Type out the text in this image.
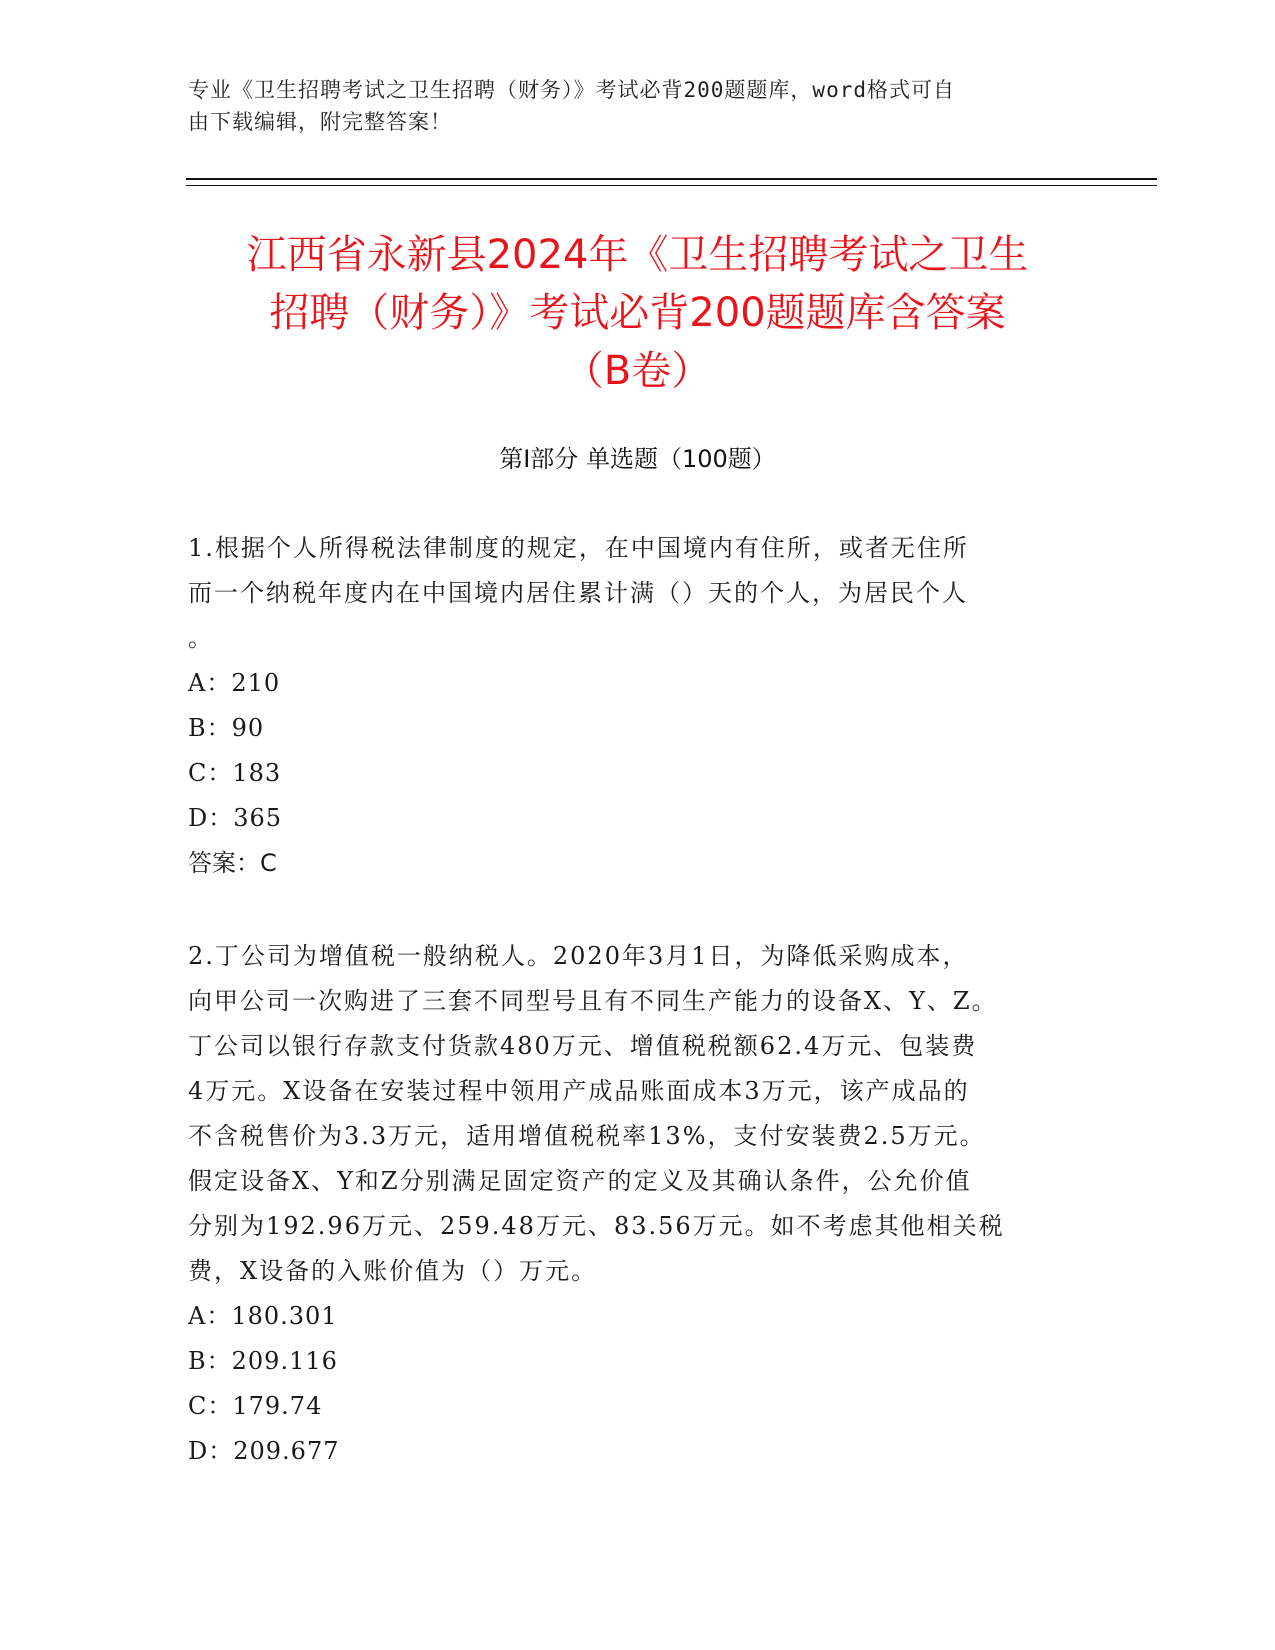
专业《卫生招聘考试之卫生招聘（财务）》考试必背200题题库，word格式可自
由下载编辑，附完整答案！
江西省永新县2024年《卫生招聘考试之卫生
招聘（财务）》考试必背200题题库含答案
（B卷）
第Ⅰ部分 单选题（100题）
1.根据个人所得税法律制度的规定，在中国境内有住所，或者无住所
而一个纳税年度内在中国境内居住累计满（）天的个人，为居民个人
。
A：210
B：90
C：183
D：365
答案：C
2.丁公司为增值税一般纳税人。2020年3月1日，为降低采购成本，
向甲公司一次购进了三套不同型号且有不同生产能力的设备X、Y、Z。
丁公司以银行存款支付货款480万元、增值税税额62.4万元、包装费
4万元。X设备在安装过程中领用产成品账面成本3万元，该产成品的
不含税售价为3.3万元，适用增值税税率13%，支付安装费2.5万元。
假定设备X、Y和Z分别满足固定资产的定义及其确认条件，公允价值
分别为192.96万元、259.48万元、83.56万元。如不考虑其他相关税
费，X设备的入账价值为（）万元。
A：180.301
B：209.116
C：179.74
D：209.677
